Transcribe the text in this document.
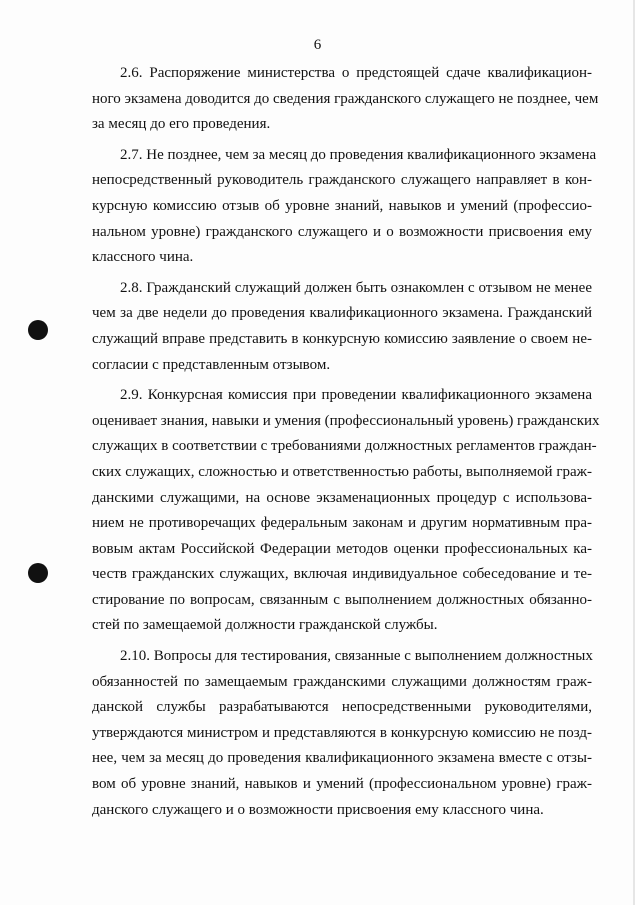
6

2.6. Распоряжение министерства о предстоящей сдаче квалификацион-
ного экзамена доводится до сведения гражданского служащего не позднее, чем
за месяц до его проведения.

2.7. Не позднее, чем за месяц до проведения квалификационного экзамена
непосредственный руководитель гражданского служащего направляет в кон-
курсную комиссию отзыв об уровне знаний, навыков и умений (профессио-
нальном уровне) гражданского служащего и о возможности присвоения ему
классного чина.

2.8. Гражданский служащий должен быть ознакомлен с отзывом не менее
чем за две недели до проведения квалификационного экзамена. Гражданский
служащий вправе представить в конкурсную комиссию заявление о своем не-
согласии с представленным отзывом.

2.9. Конкурсная комиссия при проведении квалификационного экзамена
оценивает знания, навыки и умения (профессиональный уровень) гражданских
служащих в соответствии с требованиями должностных регламентов граждан-
ских служащих, сложностью и ответственностью работы, выполняемой граж-
данскими служащими, на основе экзаменационных процедур с использова-
нием не противоречащих федеральным законам и другим нормативным пра-
вовым актам Российской Федерации методов оценки профессиональных ка-
честв гражданских служащих, включая индивидуальное собеседование и те-
стирование по вопросам, связанным с выполнением должностных обязанно-
стей по замещаемой должности гражданской службы.

2.10. Вопросы для тестирования, связанные с выполнением должностных
обязанностей по замещаемым гражданскими служащими должностям граж-
данской службы разрабатываются непосредственными руководителями,
утверждаются министром и представляются в конкурсную комиссию не позд-
нее, чем за месяц до проведения квалификационного экзамена вместе с отзы-
вом об уровне знаний, навыков и умений (профессиональном уровне) граж-
данского служащего и о возможности присвоения ему классного чина.
